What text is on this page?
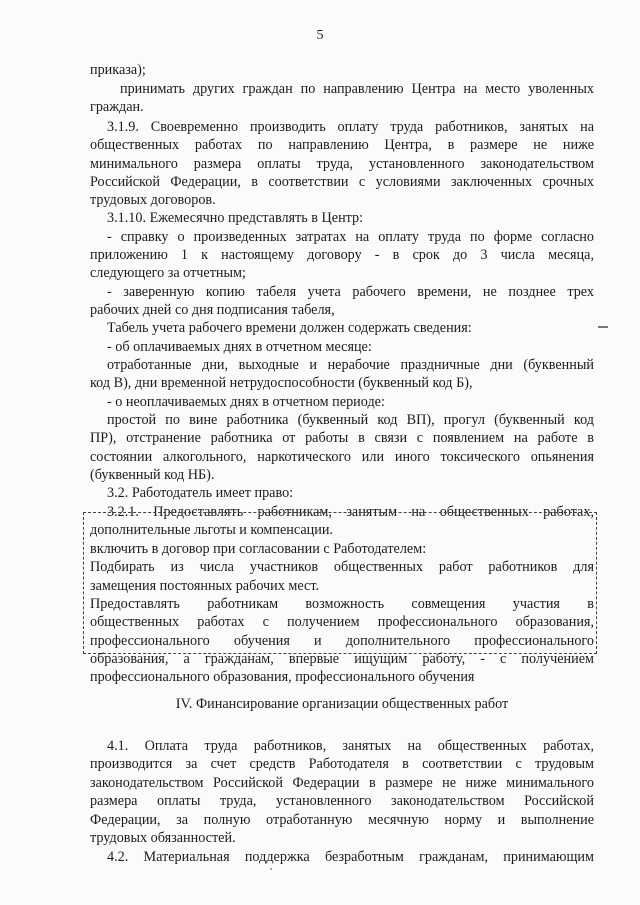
5
приказа);
принимать других граждан по направлению Центра на место уволенных
граждан.
3.1.9. Своевременно производить оплату труда работников, занятых на
общественных работах по направлению Центра, в размере не ниже
минимального размера оплаты труда, установленного законодательством
Российской Федерации, в соответствии с условиями заключенных срочных
трудовых договоров.
3.1.10. Ежемесячно представлять в Центр:
- справку о произведенных затратах на оплату труда по форме согласно
приложению 1 к настоящему договору - в срок до 3 числа месяца,
следующего за отчетным;
- заверенную копию табеля учета рабочего времени, не позднее трех
рабочих дней со дня подписания табеля,
Табель учета рабочего времени должен содержать сведения:
- об оплачиваемых днях в отчетном месяце:
отработанные дни, выходные и нерабочие праздничные дни (буквенный
код В), дни временной нетрудоспособности (буквенный код Б),
- о неоплачиваемых днях в отчетном периоде:
простой по вине работника (буквенный код ВП), прогул (буквенный код
ПР), отстранение работника от работы в связи с появлением на работе в
состоянии алкогольного, наркотического или иного токсического опьянения
(буквенный код НБ).
3.2. Работодатель имеет право:
3.2.1. Предоставлять работникам, занятым на общественных работах,
дополнительные льготы и компенсации.
включить в договор при согласовании с Работодателем:
Подбирать из числа участников общественных работ работников для
замещения постоянных рабочих мест.
Предоставлять работникам возможность совмещения участия в
общественных работах с получением профессионального образования,
профессионального обучения и дополнительного профессионального
образования, а гражданам, впервые ищущим работу, - с получением
профессионального образования, профессионального обучения
IV. Финансирование организации общественных работ
4.1. Оплата труда работников, занятых на общественных работах,
производится за счет средств Работодателя в соответствии с трудовым
законодательством Российской Федерации в размере не ниже минимального
размера оплаты труда, установленного законодательством Российской
Федерации, за полную отработанную месячную норму и выполнение
трудовых обязанностей.
4.2. Материальная поддержка безработным гражданам, принимающим
